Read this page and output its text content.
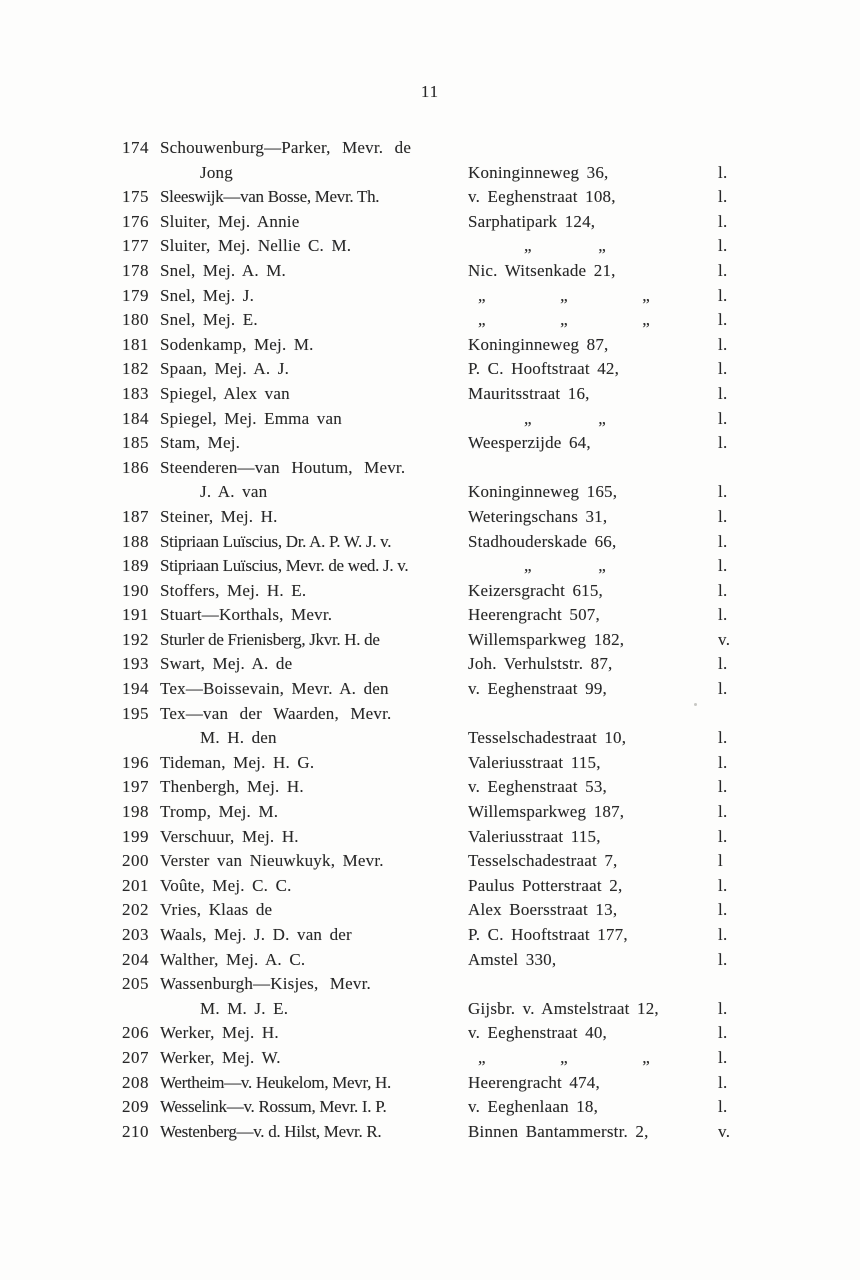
11
174 Schouwenburg—Parker, Mevr. de
Jong	Koninginneweg 36,	l.
175 Sleeswijk—van Bosse, Mevr. Th.	v. Eeghenstraat 108,	l.
176 Sluiter, Mej. Annie	Sarphatipark 124,	l.
177 Sluiter, Mej. Nellie C. M.	„	„	l.
178 Snel, Mej. A. M.	Nic. Witsenkade 21,	l.
179 Snel, Mej. J.	„	„	„	l.
180 Snel, Mej. E.	„	„	„	l.
181 Sodenkamp, Mej. M.	Koninginneweg 87,	l.
182 Spaan, Mej. A. J.	P. C. Hooftstraat 42,	l.
183 Spiegel, Alex van	Mauritsstraat 16,	l.
184 Spiegel, Mej. Emma van	„	„	l.
185 Stam, Mej.	Weesperzijde 64,	l.
186 Steenderen—van Houtum, Mevr.
J. A. van	Koninginneweg 165,	l.
187 Steiner, Mej. H.	Weteringschans 31,	l.
188 Stipriaan Luïscius, Dr. A. P. W. J. v.	Stadhouderskade 66,	l.
189 Stipriaan Luïscius, Mevr. de wed. J. v.	„	„	l.
190 Stoffers, Mej. H. E.	Keizersgracht 615,	l.
191 Stuart—Korthals, Mevr.	Heerengracht 507,	l.
192 Sturler de Frienisberg, Jkvr. H. de	Willemsparkweg 182,	v.
193 Swart, Mej. A. de	Joh. Verhulststr. 87,	l.
194 Tex—Boissevain, Mevr. A. den	v. Eeghenstraat 99,	l.
195 Tex—van der Waarden, Mevr.
M. H. den	Tesselschadestraat 10,	l.
196 Tideman, Mej. H. G.	Valeriusstraat 115,	l.
197 Thenbergh, Mej. H.	v. Eeghenstraat 53,	l.
198 Tromp, Mej. M.	Willemsparkweg 187,	l.
199 Verschuur, Mej. H.	Valeriusstraat 115,	l.
200 Verster van Nieuwkuyk, Mevr.	Tesselschadestraat 7,	l
201 Voûte, Mej. C. C.	Paulus Potterstraat 2,	l.
202 Vries, Klaas de	Alex Boersstraat 13,	l.
203 Waals, Mej. J. D. van der	P. C. Hooftstraat 177,	l.
204 Walther, Mej. A. C.	Amstel 330,	l.
205 Wassenburgh—Kisjes, Mevr.
M. M. J. E.	Gijsbr. v. Amstelstraat 12,	l.
206 Werker, Mej. H.	v. Eeghenstraat 40,	l.
207 Werker, Mej. W.	„	„	„	l.
208 Wertheim—v. Heukelom, Mevr, H.	Heerengracht 474,	l.
209 Wesselink—v. Rossum, Mevr. I. P.	v. Eeghenlaan 18,	l.
210 Westenberg—v. d. Hilst, Mevr. R.	Binnen Bantammerstr. 2,	v.
